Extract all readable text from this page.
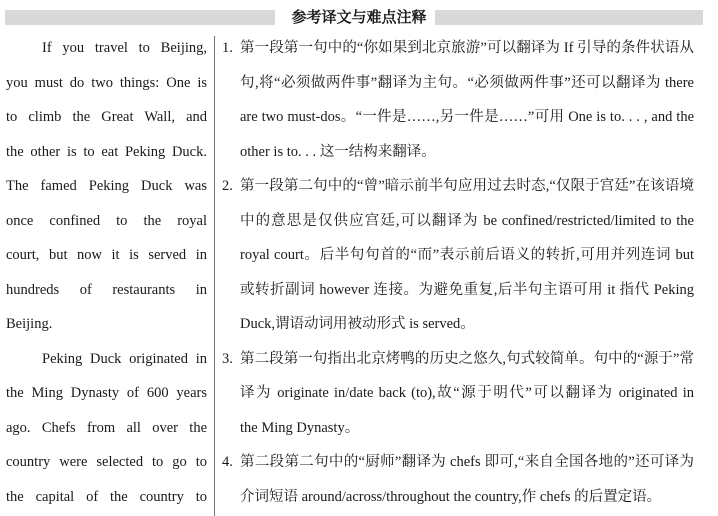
参考译文与难点注释
If you travel to Beijing,
you must do two things: One is
to climb the Great Wall, and
the other is to eat Peking Duck.
The famed Peking Duck was
once confined to the royal
court, but now it is served in
hundreds of restaurants in
Beijing.
Peking Duck originated in
the Ming Dynasty of 600 years
ago. Chefs from all over the
country were selected to go to
the capital of the country to
1. 第一段第一句中的“你如果到北京旅游”可以翻译为 If 引导的条件状语从
句,将“必须做两件事”翻译为主句。“必须做两件事”还可以翻译为 there
are two must-dos。“一件是……,另一件是……”可用 One is to. . . , and the
other is to. . . 这一结构来翻译。
2. 第一段第二句中的“曾”暗示前半句应用过去时态,“仅限于宫廷”在该语境
中的意思是仅供应宫廷,可以翻译为 be confined/restricted/limited to the
royal court。后半句句首的“而”表示前后语义的转折,可用并列连词 but
或转折副词 however 连接。为避免重复,后半句主语可用 it 指代 Peking
Duck,谓语动词用被动形式 is served。
3. 第二段第一句指出北京烤鸭的历史之悠久,句式较简单。句中的“源于”常
译为 originate in/date back (to),故“源于明代”可以翻译为 originated in
the Ming Dynasty。
4. 第二段第二句中的“厨师”翻译为 chefs 即可,“来自全国各地的”还可译为
介词短语 around/across/throughout the country,作 chefs 的后置定语。
